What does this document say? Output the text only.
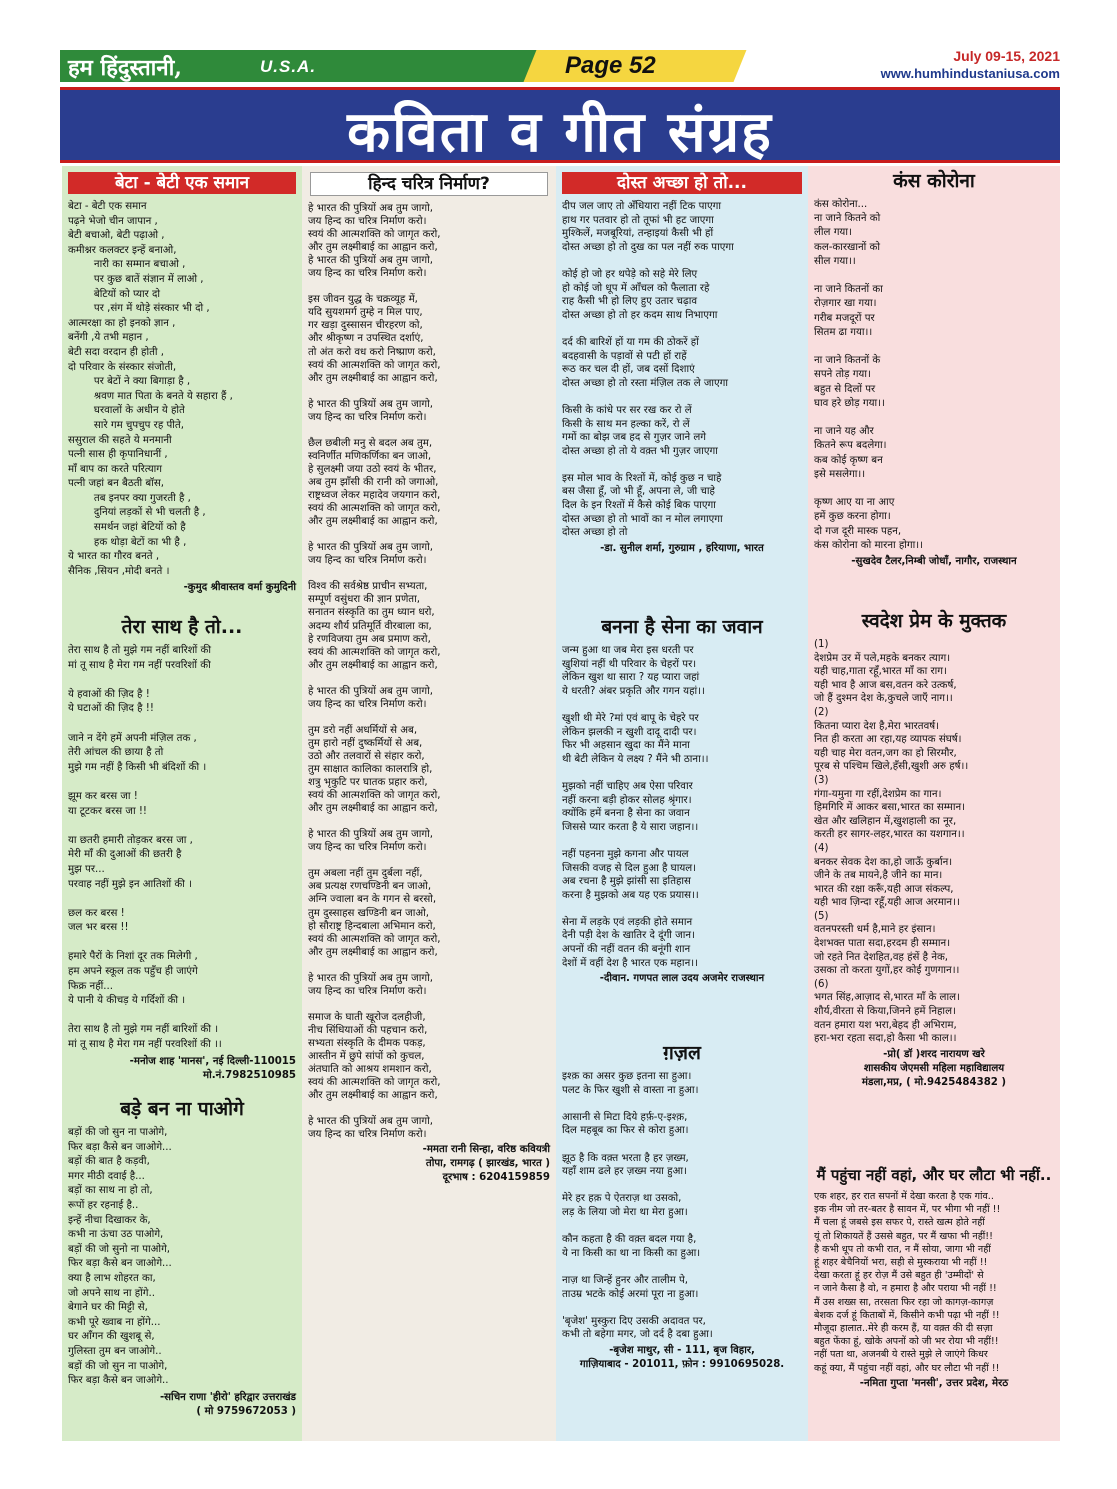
हम हिंदुस्तानी,	U.S.A.	Page 52	July 09-15, 2021
www.humhindustaniusa.com
कविता व गीत संग्रह
बेटा - बेटी एक समान
बेटा - बेटी एक समान
पढ़ने भेजो चीन जापान ,
बेटी बचाओ, बेटी पढ़ाओ ,
कमीश्नर कलक्टर इन्हें बनाओ,
नारी का सम्मान बचाओ ,
पर कुछ बातें संज्ञान में लाओ ,
बेटियों को प्यार दो
पर ,संग में थोड़े संस्कार भी दो ,
आत्मरक्षा का हो इनको ज्ञान ,
बनेंगी ,ये तभी महान ,
बेटी सदा वरदान ही होती ,
दो परिवार के संस्कार संजोती,
पर बेटों ने क्या बिगाड़ा है ,
श्रवण मात पिता के बनते ये सहारा हैं ,
घरवालों के अधीन ये होते
सारे गम चुपचुप रह पीते,
ससुराल की सहते ये मनमानी
पत्नी सास ही कृपानिधानीं ,
माँ बाप का करते परित्याग
पत्नी जहां बन बैठती बॉस,
तब इनपर क्या गुजरती है ,
दुनियां लड़कों से भी चलती है ,
समर्थन जहां बेटियों को है
हक थोड़ा बेटों का भी है ,
ये भारत का गौरव बनते ,
सैनिक ,सियन ,मोदी बनते ।
-कुमुद श्रीवास्तव वर्मा कुमुदिनी
तेरा साथ है तो...
तेरा साथ है तो मुझे गम नहीं बारिशों की
मां तू साथ है मेरा गम नहीं परवरिशों की

ये हवाओं की ज़िद है !
ये घटाओं की ज़िद है !!

जाने न देंगे हमें अपनी मंज़िल तक ,
तेरी आंचल की छाया है तो
मुझे गम नहीं है किसी भी बंदिशों की ।

झूम कर बरस जा !
या टूटकर बरस जा !!

या छतरी हमारी तोड़कर बरस जा ,
मेरी माँ की दुआओं की छतरी है
मुझ पर...
परवाह नहीं मुझे इन आतिशों की ।

छल कर बरस !
जल भर बरस !!

हमारे पैरों के निशां दूर तक मिलेगी ,
हम अपने स्कूल तक पहुँच ही जाएंगे
फिक्र नहीं...
ये पानी ये कीचड़ ये गर्दिशों की ।

तेरा साथ है तो मुझे गम नहीं बारिशों की ।
मां तू साथ है मेरा गम नहीं परवरिशों की ।।
-मनोज शाह 'मानस', नई दिल्ली-110015
मो.नं.7982510985
बड़े बन ना पाओगे
बड़ों की जो सुन ना पाओगे,
फिर बड़ा कैसे बन जाओगे...
बड़ों की बात है कड़वी,
मगर मीठी दवाई है...
बड़ों का साथ ना हो तो,
रूपों हर रहनाई है..
इन्हें नीचा दिखाकर के,
कभी ना ऊंचा उठ पाओगे,
बड़ों की जो सुनो ना पाओगे,
फिर बड़ा कैसे बन जाओगे...
क्या है लाभ शोहरत का,
जो अपने साथ ना होंगे..
बेगाने घर की मिट्टी से,
कभी पूरे ख्वाब ना होंगे...
घर आँगन की खुशबू से,
गुलिस्ता तुम बन जाओगे..
बड़ों की जो सुन ना पाओगे,
फिर बड़ा कैसे बन जाओगे..
-सचिन राणा 'हीरो' हरिद्वार उत्तराखंड
( मो 9759672053 )
हिन्द चरित्र निर्माण?
हे भारत की पुत्रियों अब तुम जागो,
जय हिन्द का चरित्र निर्माण करो।
स्वयं की आत्मशक्ति को जागृत करो,
और तुम लक्ष्मीबाई का आह्वान करो,
हे भारत की पुत्रियों अब तुम जागो,
जय हिन्द का चरित्र निर्माण करो।

इस जीवन युद्ध के चक्रव्यूह में,
यदि सुयशमर्ग तुम्हे न मिल पाए,
गर खड़ा दुस्सासन चीरहरण को,
और श्रीकृष्ण न उपस्थित दर्शाएं,
तो अंत करो वध करो निष्प्राण करो,
स्वयं की आत्मशक्ति को जागृत करो,
और तुम लक्ष्मीबाई का आह्वान करो,

हे भारत की पुत्रियों अब तुम जागो,
जय हिन्द का चरित्र निर्माण करो।

छैल छबीली मनु से बदल अब तुम,
स्वनिर्णीत मणिकर्णिका बन जाओ,
हे सुलक्ष्मी जया उठो स्वयं के भीतर,
अब तुम झाँसी की रानी को जगाओ,
राष्ट्रध्वज लेकर महादेव जयगान करो,
स्वयं की आत्मशक्ति को जागृत करो,
और तुम लक्ष्मीबाई का आह्वान करो,

हे भारत की पुत्रियों अब तुम जागो,
जय हिन्द का चरित्र निर्माण करो।

विश्व की सर्वश्रेष्ठ प्राचीन सभ्यता,
सम्पूर्ण वसुंधरा की ज्ञान प्रणेता,
सनातन संस्कृति का तुम ध्यान धरो,
अदम्य शौर्य प्रतिमूर्ति वीरबाला का,
हे रणविजया तुम अब प्रमाण करो,
स्वयं की आत्मशक्ति को जागृत करो,
और तुम लक्ष्मीबाई का आह्वान करो,

हे भारत की पुत्रियों अब तुम जागो,
जय हिन्द का चरित्र निर्माण करो।

तुम डरो नहीं अधर्मियों से अब,
तुम हारो नहीं दुष्कर्मियों से अब,
उठो और तलवारों से संहार करो,
तुम साक्षात कालिका कालरात्रि हो,
शत्रु भृकुटि पर घातक प्रहार करो,
स्वयं की आत्मशक्ति को जागृत करो,
और तुम लक्ष्मीबाई का आह्वान करो,

हे भारत की पुत्रियों अब तुम जागो,
जय हिन्द का चरित्र निर्माण करो।

तुम अबला नहीं तुम दुर्बला नहीं,
अब प्रत्यक्ष रणचण्डिनी बन जाओ,
अग्नि ज्वाला बन के गगन से बरसो,
तुम दुस्साहस खण्डिनी बन जाओ,
हो सौराष्ट्र हिन्दबाला अभिमान करो,
स्वयं की आत्मशक्ति को जागृत करो,
और तुम लक्ष्मीबाई का आह्वान करो,

हे भारत की पुत्रियों अब तुम जागो,
जय हिन्द का चरित्र निर्माण करो।

समाज के घाती खूरोज दलहीजी,
नीच सिंधियाओं की पहचान करो,
सभ्यता संस्कृति के दीमक पकड़,
आस्तीन में छुपे सांपों को कुचल,
अंतघाति को आश्रय शमशान करो,
स्वयं की आत्मशक्ति को जागृत करो,
और तुम लक्ष्मीबाई का आह्वान करो,

हे भारत की पुत्रियों अब तुम जागो,
जय हिन्द का चरित्र निर्माण करो।
-ममता रानी सिन्हा, वरिष्ठ कवियत्री
तोपा, रामगढ़ ( झारखंड, भारत )
दूरभाष : 6204159859
दोस्त अच्छा हो तो...
दीप जल जाए तो अँधियारा नहीं टिक पाएगा
हाथ गर पतवार हो तो तूफां भी हट जाएगा
मुश्किलें, मजबूरियां, तन्हाइयां कैसी भी हों
दोस्त अच्छा हो तो दुख का पल नहीं रुक पाएगा

कोई हो जो हर थपेड़े को सहे मेरे लिए
हो कोई जो धूप में आँचल को फैलाता रहे
राह कैसी भी हो लिए हुए उतार चढ़ाव
दोस्त अच्छा हो तो हर कदम साथ निभाएगा

दर्द की बारिशें हों या गम की ठोकरें हों
बदहवासी के पड़ावों से पटी हों राहें
रूठ कर चल दी हों, जब दसों दिशाएं
दोस्त अच्छा हो तो रस्ता मंज़िल तक ले जाएगा

किसी के कांधे पर सर रख कर रो लें
किसी के साथ मन हल्का करें, रो लें
गमों का बोझ जब हद से गुज़र जाने लगे
दोस्त अच्छा हो तो ये वक़्त भी गुज़र जाएगा

इस मोल भाव के रिश्तों में, कोई कुछ न चाहे
बस जैसा हूँ, जो भी हूँ, अपना ले, जी चाहे
दिल के इन रिश्तों में कैसे कोई बिक पाएगा
दोस्त अच्छा हो तो भावों का न मोल लगाएगा
दोस्त अच्छा हो तो
-डा. सुनील शर्मा, गुरुग्राम , हरियाणा, भारत
बनना है सेना का जवान
जन्म हुआ था जब मेरा इस धरती पर
खुशियां नहीं थी परिवार के चेहरों पर।
लेकिन खुश था सारा ? यह प्यारा जहां
ये धरती? अंबर प्रकृति और गगन यहां।।

खुशी थी मेरे ?मां एवं बापू के चेहरे पर
लेकिन झलकी न खुशी दादू दादी पर।
फिर भी अहसान खुदा का मैंने माना
थी बेटी लेकिन ये लक्ष्य ? मैंने भी ठाना।।

मुझको नहीं चाहिए अब ऐसा परिवार
नहीं करना बड़ी होकर सोलह श्रृंगार।
क्योंकि हमें बनना है सेना का जवान
जिससे प्यार करता है ये सारा जहान।।

नहीं पहनना मुझे कगना और पायल
जिसकी वजह से दिल हुआ है घायल।
अब रचना है मुझे झांसी सा इतिहास
करना है मुझको अब यह एक प्रयास।।

सेना में लड़के एवं लड़की होते समान
देनी पड़ी देश के खातिर दे दूंगी जान।
अपनों की नहीं वतन की बनूंगी शान
देशों में वहीं देश है भारत एक महान।।
-दीवान. गणपत लाल उदय अजमेर राजस्थान
ग़ज़ल
इश्क़ का असर कुछ इतना सा हुआ।
पलट के फिर खुशी से वास्ता ना हुआ।

आसानी से मिटा दिये हर्फ़-ए-इश्क़,
दिल महबूब का फिर से कोरा हुआ।

झूठ है कि वक़्त भरता है हर ज़ख्म,
यहाँ शाम ढले हर ज़ख्म नया हुआ।

मेरे हर हक़ पे ऐतराज़ था उसको,
लड़ के लिया जो मेरा था मेरा हुआ।

कौन कहता है की वक़्त बदल गया है,
ये ना किसी का था ना किसी का हुआ।

नाज़ था जिन्हें हुनर और तालीम पे,
ताउम्र भटके कोई अरमां पूरा ना हुआ।

'बृजेश' मुस्कुरा दिए उसकी अदावत पर,
कभी तो बहेगा मगर, जो दर्द है दबा हुआ।
-बृजेश माथुर, सी - 111, बृज विहार,
गाज़ियाबाद - 201011, फ़ोन : 9910695028.
कंस कोरोना
कंस कोरोना...
ना जाने कितने को
लील गया।
कल-कारखानों को
सील गया।।

ना जाने कितनों का
रोज़गार खा गया।
गरीब मजदूरों पर
सितम ढा गया।।

ना जाने कितनों के
सपने तोड़ गया।
बहुत से दिलों पर
घाव हरे छोड़ गया।।

ना जाने यह और
कितने रूप बदलेगा।
कब कोई कृष्ण बन
इसे मसलेगा।।

कृष्ण आए या ना आए
हमें कुछ करना होगा।
दो गज दूरी मास्क पहन,
कंस कोरोना को मारना होगा।।
-सुखदेव टैलर,निम्बी जोधाँ, नागौर, राजस्थान
स्वदेश प्रेम के मुक्तक
(1)
देशप्रेम उर में पले,महके बनकर त्याग।
यही चाह,गाता रहूँ,भारत माँ का राग।
यही भाव है आज बस,वतन करे उत्कर्ष,
जो हैं दुश्मन देश के,कुचले जाएँ नाग।।
(2)
कितना प्यारा देश है,मेरा भारतवर्ष।
नित ही करता आ रहा,यह व्यापक संघर्ष।
यही चाह मेरा वतन,जग का हो सिरमौर,
पूरब से पश्चिम खिले,हँसी,खुशी अरु हर्ष।।
(3)
गंगा-यमुना गा रहीं,देशप्रेम का गान।
हिमगिरि में आकर बसा,भारत का सम्मान।
खेत और खलिहान में,खुशहाली का नूर,
करती हर सागर-लहर,भारत का यशगान।।
(4)
बनकर सेवक देश का,हो जाऊँ कुर्बान।
जीने के तब मायने,है जीने का मान।
भारत की रक्षा करूँ,यही आज संकल्प,
यही भाव ज़िन्दा रहूँ,यही आज अरमान।।
(5)
वतनपरस्ती धर्म है,माने हर इंसान।
देशभक्त पाता सदा,हरदम ही सम्मान।
जो रहते नित देशहित,वह हंसें है नेक,
उसका तो करता युगों,हर कोई गुणगान।।
(6)
भगत सिंह,आज़ाद से,भारत माँ के लाल।
शौर्य,वीरता से किया,जिनने हमें निहाल।
वतन हमारा यश भरा,बेहद ही अभिराम,
हरा-भरा रहता सदा,हो कैसा भी काल।।
-प्रो( डॉ )शरद नारायण खरे
शासकीय जेएमसी महिला महाविद्यालय
मंडला,मप्र, ( मो.9425484382 )
मैं पहुंचा नहीं वहां, और घर लौटा भी नहीं..
एक शहर, हर रात सपनों में देखा करता है एक गांव..
इक नीम जो तर-बतर है सावन में, पर भीगा भी नहीं !!
मैं चला हूं जबसे इस सफर पे, रास्ते खत्म होते नहीं
यूं तो शिकायतें हैं उससे बहुत, पर मैं खफा भी नहीं!!
है कभी धूप तो कभी रात, न मैं सोया, जागा भी नहीं
हूं शहर बेचैनियों भरा, सही से मुस्कराया भी नहीं !!
देखा करता हूं हर रोज़ मैं उसे बहुत ही 'उम्मीदों' से
न जाने कैसा है वो, न हमारा है और पराया भी नहीं !!
मैं उस शख्स सा, तरसता फिर रहा जो कागज़-कागज़
बेशक दर्ज हूं किताबों में, किसीने कभी पढ़ा भी नहीं !!
मौजूदा हालात..मेरे ही करम हैं, या वक़्त की दी सज़ा
बहुत फेंका हूं, खोके अपनों को जी भर रोया भी नहीं!!
नहीं पता था, अजनबी ये रास्ते मुझे ले जाएंगे किधर
कहूं क्या, मैं पहुंचा नहीं वहां, और घर लौटा भी नहीं !!
-नमिता गुप्ता 'मनसी', उत्तर प्रदेश, मेरठ
